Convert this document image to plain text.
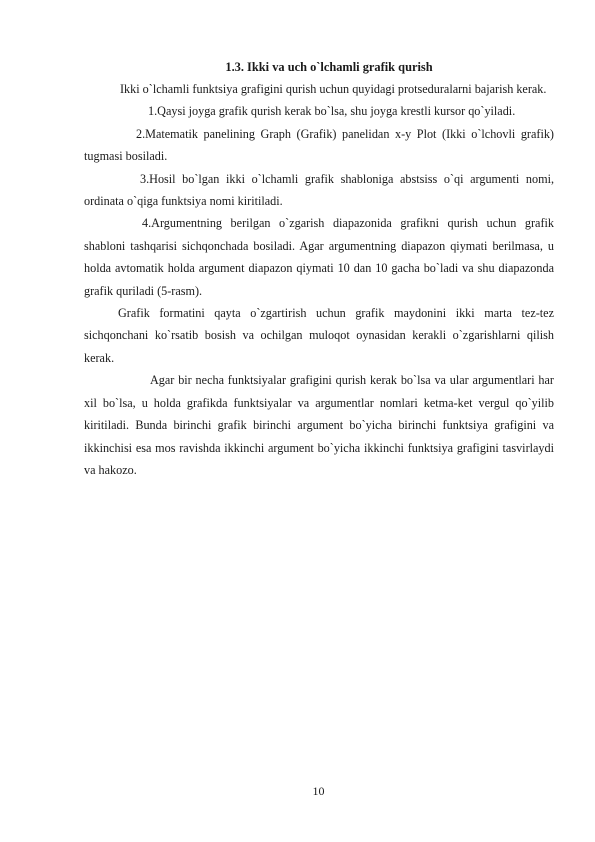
1.3. Ikki va uch o`lchamli grafik qurish

Ikki o`lchamli funktsiya grafigini qurish uchun quyidagi protseduralarni bajarish kerak.

1.Qaysi joyga grafik qurish kerak bo`lsa, shu joyga krestli kursor qo`yiladi.

2.Matematik panelining Graph (Grafik) panelidan x-y Plot (Ikki o`lchovli grafik) tugmasi bosiladi.

3.Hosil bo`lgan ikki o`lchamli grafik shabloniga abstsiss o`qi argumenti nomi, ordinata o`qiga funktsiya nomi kiritiladi.

4.Argumentning berilgan o`zgarish diapazonida grafikni qurish uchun grafik shabloni tashqarisi sichqonchada bosiladi. Agar argumentning diapazon qiymati berilmasa, u holda avtomatik holda argument diapazon qiymati 10 dan 10 gacha bo`ladi va shu diapazonda grafik quriladi (5-rasm).

Grafik formatini qayta o`zgartirish uchun grafik maydonini ikki marta tez-tez sichqonchani ko`rsatib bosish va ochilgan muloqot oynasidan kerakli o`zgarishlarni qilish kerak.

Agar bir necha funktsiyalar grafigini qurish kerak bo`lsa va ular argumentlari har xil bo`lsa, u holda grafikda funktsiyalar va argumentlar nomlari ketma-ket vergul qo`yilib kiritiladi. Bunda birinchi grafik birinchi argument bo`yicha birinchi funktsiya grafigini va ikkinchisi esa mos ravishda ikkinchi argument bo`yicha ikkinchi funktsiya grafigini tasvirlaydi va hakozo.

10
